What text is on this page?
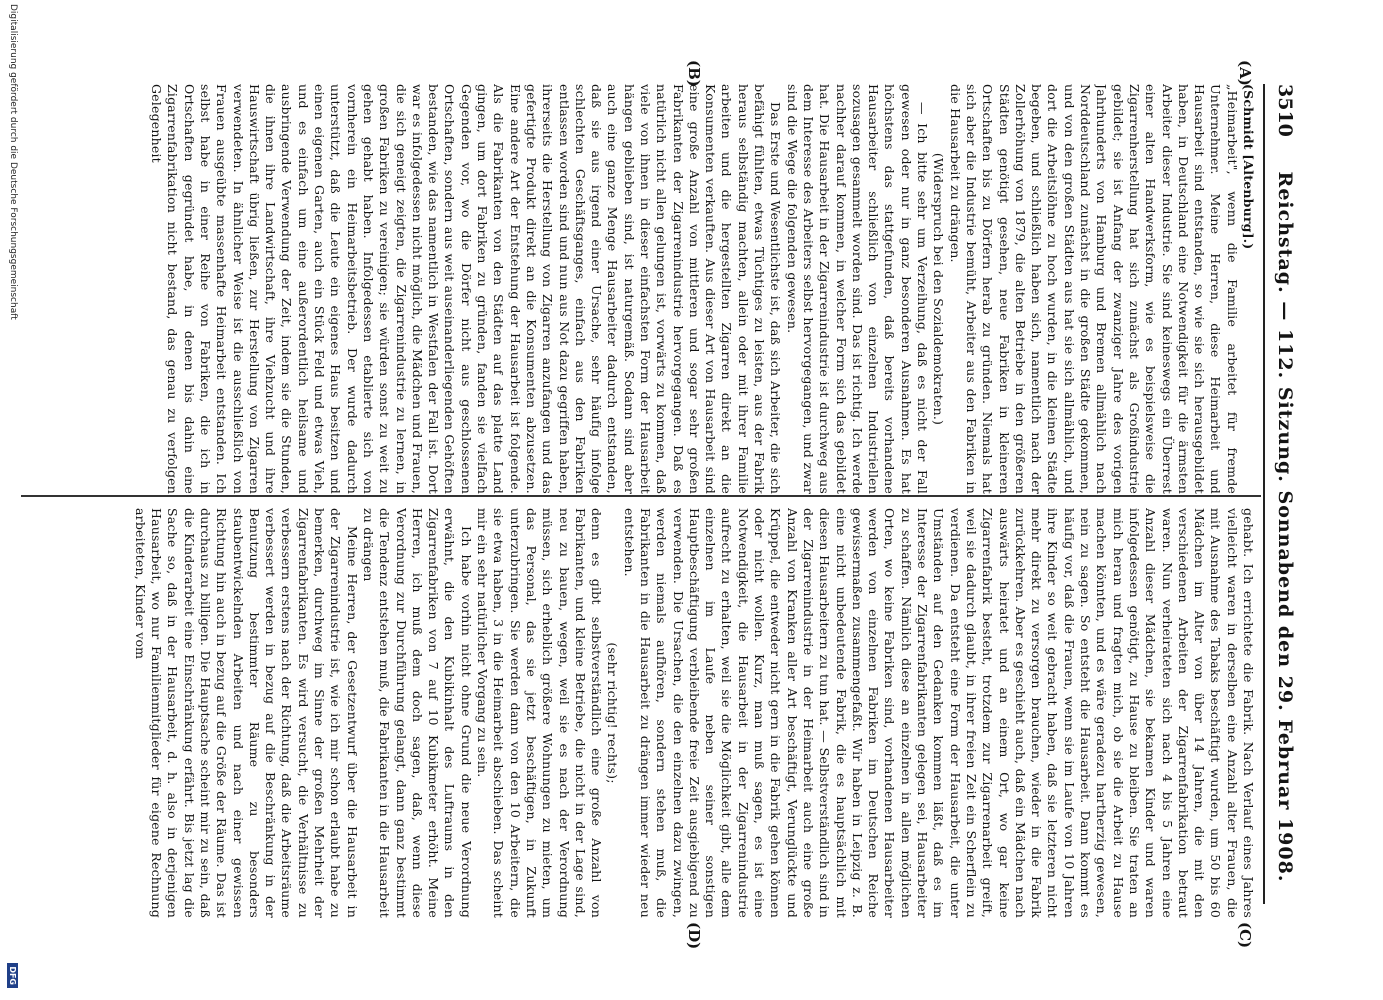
3510
Reichstag. — 112. Sitzung. Sonnabend den 29. Februar 1908.
(A)
(B)
(C)
(D)

(Schmidt [Altenburg].)

„Heimarbeit", wenn die Familie arbeitet für fremde Unternehmer. Meine Herren, diese Heimarbeit und Hausarbeit sind entstanden, so wie sie sich herausgebildet haben, in Deutschland eine Notwendigkeit für die ärmsten Arbeiter dieser Industrie. Sie sind keineswegs ein Überrest einer alten Handwerksform, wie es beispielsweise die Zigarrenherstellung hat sich zunächst als Großindustrie gebildet; sie ist Anfang der zwanziger Jahre des vorigen Jahrhunderts von Hamburg und Bremen allmählich nach Norddeutschland zunächst in die großen Städte gekommen, und von den großen Städten aus hat sie sich allmählich, und dort die Arbeitslöhne zu hoch wurden, in die kleinen Städte begeben, und schließlich haben sich, namentlich nach der Zollerhöhung von 1879, die alten Betriebe in den größeren Städten genötigt gesehen, neue Fabriken in kleineren Ortschaften bis zu Dörfern herab zu gründen. Niemals hat sich aber die Industrie bemüht, Arbeiter aus den Fabriken in die Hausarbeit zu drängen.

(Widerspruch bei den Sozialdemokraten.)

— Ich bitte sehr um Verzeihung, daß es nicht der Fall gewesen oder nur in ganz besonderen Ausnahmen. Es hat höchstens das stattgefunden, daß bereits vorhandene Hausarbeiter schließlich von einzelnen Industriellen sozusagen gesammelt worden sind. Das ist richtig. Ich werde nachher darauf kommen, in welcher Form sich das gebildet hat. Die Hausarbeit in der Zigarrenindustrie ist durchweg aus dem Interesse des Arbeiters selbst hervorgegangen, und zwar sind die Wege die folgenden gewesen.

Das Erste und Wesentlichste ist, daß sich Arbeiter, die sich befähigt fühlten, etwas Tüchtiges zu leisten, aus der Fabrik heraus selbständig machten, allein oder mit ihrer Familie arbeiten und die hergestellten Zigarren direkt an die Konsumenten verkauften. Aus dieser Art von Hausarbeit sind eine große Anzahl von mittleren und sogar sehr großen Fabrikanten der Zigarrenindustrie hervorgegangen. Daß es natürlich nicht allen gelungen ist, vorwärts zu kommen, daß viele von ihnen in dieser einfachsten Form der Hausarbeit hängen geblieben sind, ist naturgemäß. Sodann sind aber auch eine ganze Menge Hausarbeiter dadurch entstanden, daß sie aus irgend einer Ursache, sehr häufig infolge schlechten Geschäftsganges, einfach aus den Fabriken entlassen worden sind und nun aus Not dazu gegriffen haben, ihrerseits die Herstellung von Zigarren anzufangen und das gefertigte Produkt direkt an die Konsumenten abzusetzen. Eine andere Art der Entstehung der Hausarbeit ist folgende. Als die Fabrikanten von den Städten auf das platte Land gingen, um dort Fabriken zu gründen, fanden sie vielfach Gegenden vor, wo die Dörfer nicht aus geschlossenen Ortschaften, sondern aus weit auseinanderliegenden Gehöften bestanden, wie das namentlich in Westfalen der Fall ist. Dort war es infolgedessen nicht möglich, die Mädchen und Frauen, die sich geneigt zeigten, die Zigarrenindustrie zu lernen, in großen Fabriken zu vereinigen; sie würden sonst zu weit zu gehen gehabt haben. Infolgedessen etablierte sich von vornherein ein Heimarbeitsbetrieb. Der wurde dadurch unterstützt, daß die Leute ein eigenes Haus besitzen und einen eigenen Garten, auch ein Stück Feld und etwas Vieh, und es einfach um eine außerordentlich heilsame und ausbringende Verwendung der Zeit, indem sie die Stunden, die ihnen ihre Landwirtschaft, ihre Viehzucht und ihre Hauswirtschaft übrig ließen, zur Herstellung von Zigarren verwendeten. In ähnlicher Weise ist die ausschließlich von Frauen ausgeübte massenhafte Heimarbeit entstanden. Ich selbst habe in einer Reihe von Fabriken, die ich in Ortschaften gegründet habe, in denen bis dahin eine Zigarrenfabrikation nicht bestand, das genau zu verfolgen Gelegenheit

gehabt. Ich errichtete die Fabrik. Nach Verlauf eines Jahres vielleicht waren in derselben eine Anzahl alter Frauen, die mit Ausnahme des Tabaks beschäftigt wurden, um 50 bis 60 Mädchen im Alter von über 14 Jahren, die mit den verschiedenen Arbeiten der Zigarrenfabrikation betraut waren. Nun verheirateten sich nach 4 bis 5 Jahren eine Anzahl dieser Mädchen, sie bekamen Kinder und waren infolgedessen genötigt, zu Hause zu bleiben. Sie traten an mich heran und fragten mich, ob sie die Arbeit zu Hause machen könnten, und es wäre geradezu hartherzig gewesen, nein zu sagen. So entsteht die Hausarbeit. Dann kommt es häufig vor, daß die Frauen, wenn sie im Laufe von 10 Jahren ihre Kinder so weit gebracht haben, daß sie letzteren nicht mehr direkt zu versorgen brauchen, wieder in die Fabrik zurückkehren. Aber es geschieht auch, daß ein Mädchen nach auswärts heiratet und an einem Ort, wo gar keine Zigarrenfabrik besteht, trotzdem zur Zigarrenarbeit greift, weil sie dadurch glaubt, in ihrer freien Zeit ein Scherflein zu verdienen. Da entsteht eine Form der Hausarbeit, die unter Umständen auf den Gedanken kommen läßt, daß es im Interesse der Zigarrenfabrikanten gelegen sei, Hausarbeiter zu schaffen. Nämlich diese an einzelnen in allen möglichen Orten, wo keine Fabriken sind, vorhandenen Hausarbeiter werden von einzelnen Fabriken im Deutschen Reiche gewissermaßen zusammengefaßt. Wir haben in Leipzig z. B. eine nicht unbedeutende Fabrik, die es hauptsächlich mit diesen Hausarbeitern zu tun hat. — Selbstverständlich sind in der Zigarrenindustrie in der Heimarbeit auch eine große Anzahl von Kranken aller Art beschäftigt, Verunglückte und Krüppel, die entweder nicht gern in die Fabrik gehen können oder nicht wollen. Kurz, man muß sagen, es ist eine Notwendigkeit, die Hausarbeit in der Zigarrenindustrie aufrecht zu erhalten, weil sie die Möglichkeit gibt, alle dem einzelnen im Laufe neben seiner sonstigen Hauptbeschäftigung verbleibende freie Zeit ausgiebigend zu verwenden. Die Ursachen, die den einzelnen dazu zwingen, werden niemals aufhören, sondern stehen muß, die Fabrikanten in die Hausarbeit zu drängen immer wieder neu entstehen.

(sehr richtig! rechts);

denn es gibt selbstverständlich eine große Anzahl von Fabrikanten, und kleine Betriebe, die nicht in der Lage sind, neu zu bauen, wegen, weil sie es nach der Verordnung müssen, sich erheblich größere Wohnungen zu mieten, um das Personal, das sie jetzt beschäftigen, in Zukunft unterzubringen. Sie werden dann von den 10 Arbeitern, die sie etwa haben, 3 in die Heimarbeit abschieben. Das scheint mir ein sehr natürlicher Vorgang zu sein.

Ich habe vorhin nicht ohne Grund die neue Verordnung erwähnt, die den Kubikinhalt des Luftraums in den Zigarrenfabriken von 7 auf 10 Kubikmeter erhöht. Meine Herren, ich muß dem doch sagen, daß, wenn diese Verordnung zur Durchführung gelangt, dann ganz bestimmt die Tendenz entstehen muß, die Fabrikanten in die Hausarbeit zu drängen

Meine Herren, der Gesetzentwurf über die Hausarbeit in der Zigarrenindustrie ist, wie ich mir schon erlaubt habe zu bemerken, durchweg im Sinne der großen Mehrheit der Zigarrenfabrikanten. Es wird versucht, die Verhältnisse zu verbessern erstens nach der Richtung, daß die Arbeitsräume verbessert werden in bezug auf die Beschränkung in der Benutzung bestimmter Räume zu besonders staubentwickelnden Arbeiten und nach einer gewissen Richtung hin auch in bezug auf die Größe der Räume. Das ist durchaus zu billigen. Die Hauptsache scheint mir zu sein, daß die Kinderarbeit eine Einschränkung erfährt. Bis jetzt lag die Sache so, daß in der Hausarbeit, d. h. also in derjenigen Hausarbeit, wo nur Familienmitglieder für eigene Rechnung arbeiteten, Kinder vom

Digitalisierung gefördert durch die Deutsche Forschungsgemeinschaft
DFG
